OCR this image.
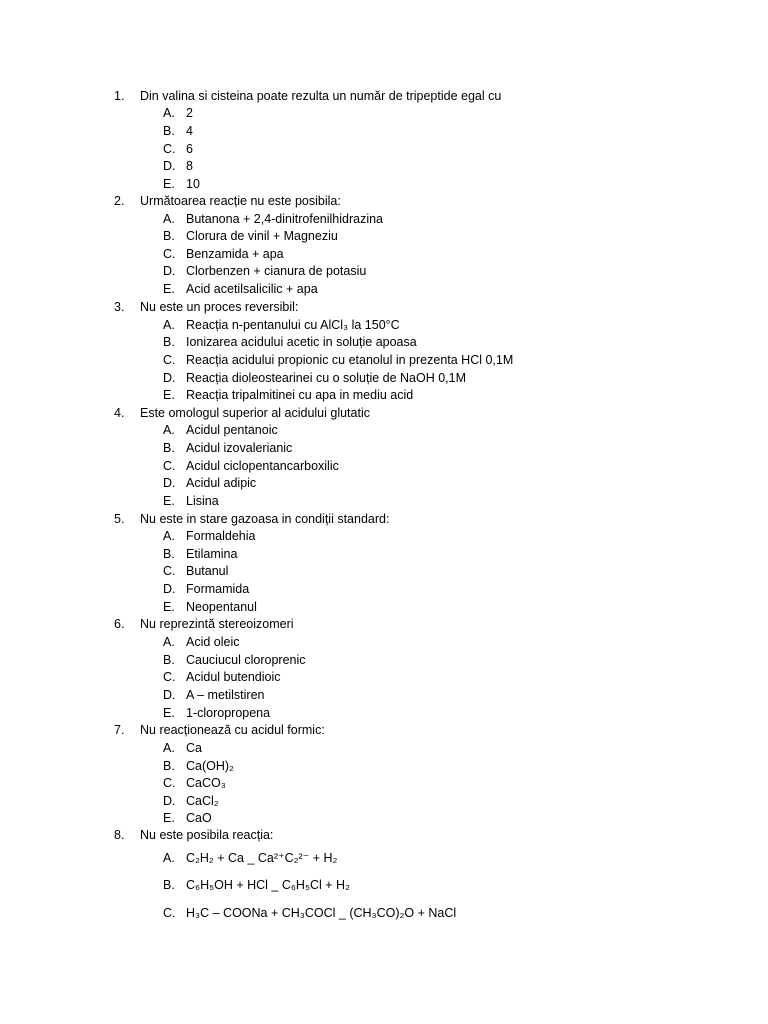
1.	Din valina si cisteina poate rezulta un număr de tripeptide egal cu
A. 2
B. 4
C. 6
D. 8
E. 10
2.	Următoarea reacție nu este posibila:
A. Butanona + 2,4-dinitrofenilhidrazina
B. Clorura de vinil + Magneziu
C. Benzamida + apa
D. Clorbenzen + cianura de potasiu
E. Acid acetilsalicilic + apa
3.	Nu este un proces reversibil:
A. Reacția n-pentanului cu AlCl₃ la 150°C
B. Ionizarea acidului acetic in soluție apoasa
C. Reacția acidului propionic cu etanolul in prezenta HCl 0,1M
D. Reacția dioleostearinei cu o soluție de NaOH 0,1M
E. Reacția tripalmitinei cu apa in mediu acid
4.	Este omologul superior al acidului glutatic
A. Acidul pentanoic
B. Acidul izovalerianic
C. Acidul ciclopentancarboxilic
D. Acidul adipic
E. Lisina
5.	Nu este in stare gazoasa in condiții standard:
A. Formaldehia
B. Etilamina
C. Butanul
D. Formamida
E. Neopentanul
6.	Nu reprezintă stereoizomeri
A. Acid oleic
B. Cauciucul cloroprenic
C. Acidul butendioic
D. A – metilstiren
E. 1-cloropropena
7.	Nu reacționează cu acidul formic:
A. Ca
B. Ca(OH)₂
C. CaCO₃
D. CaCl₂
E. CaO
8.	Nu este posibila reacția:
A. C₂H₂ + Ca _ Ca²⁺C₂²⁻ + H₂
B. C₆H₅OH + HCl _ C₆H₅Cl + H₂
C. H₃C – COONa + CH₃COCl _ (CH₃CO)₂O + NaCl
